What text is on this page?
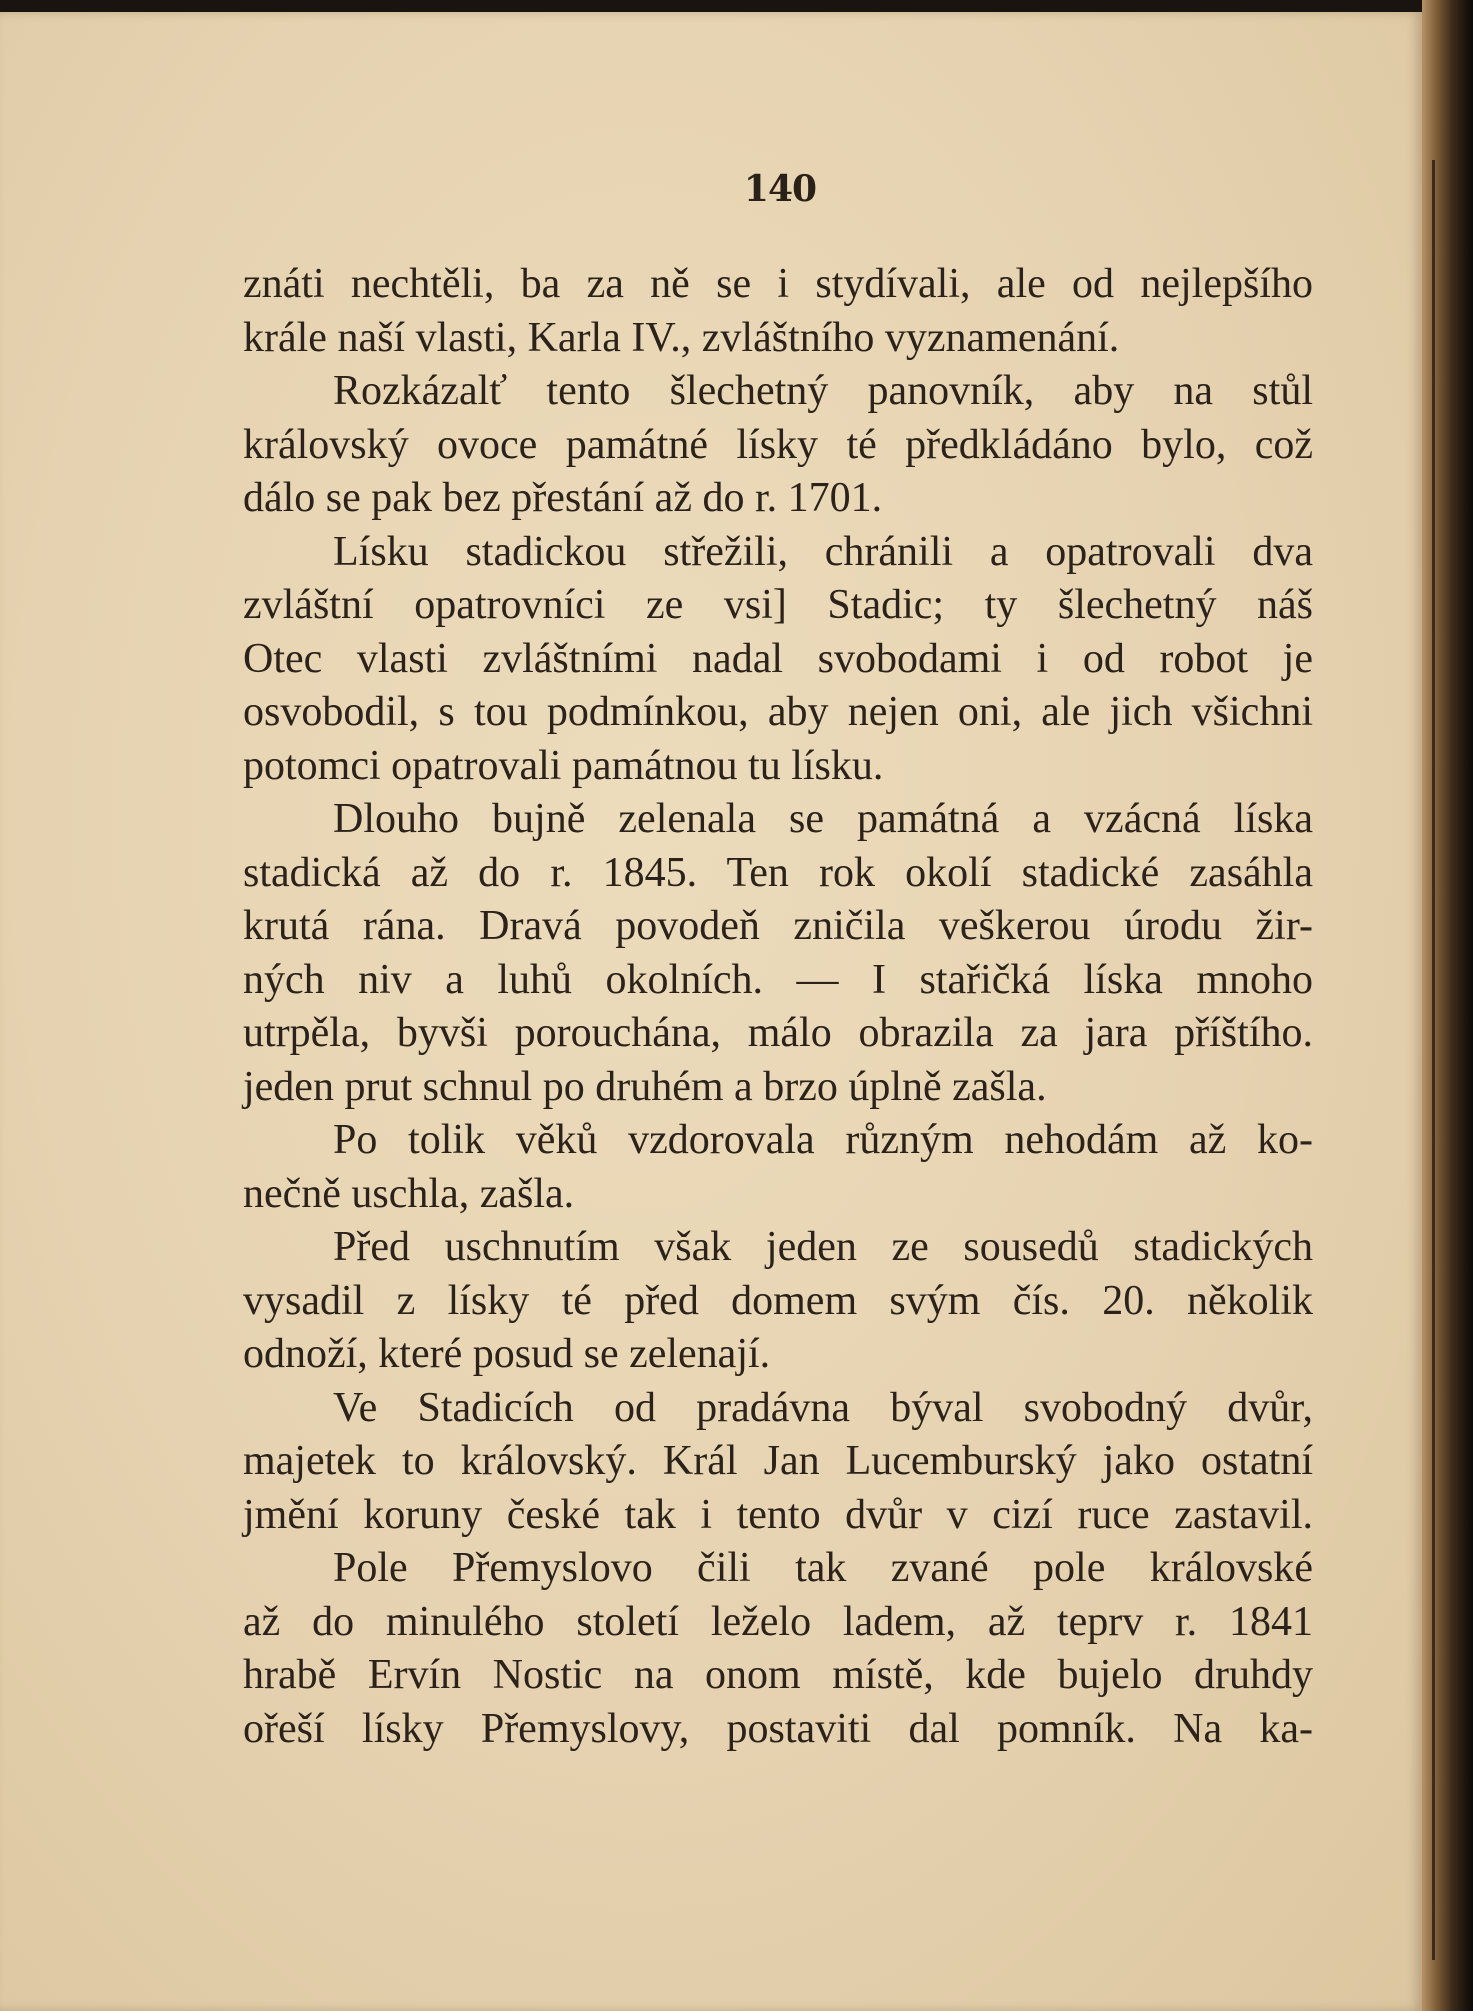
140
znáti nechtěli, ba za ně se i stydívali, ale od nejlepšího
krále naší vlasti, Karla IV., zvláštního vyznamenání.
Rozkázalť tento šlechetný panovník, aby na stůl
královský ovoce památné lísky té předkládáno bylo, což
dálo se pak bez přestání až do r. 1701.
Lísku stadickou střežili, chránili a opatrovali dva
zvláštní opatrovníci ze vsi] Stadic; ty šlechetný náš
Otec vlasti zvláštními nadal svobodami i od robot je
osvobodil, s tou podmínkou, aby nejen oni, ale jich všichni
potomci opatrovali památnou tu lísku.
Dlouho bujně zelenala se památná a vzácná líska
stadická až do r. 1845. Ten rok okolí stadické zasáhla
krutá rána. Dravá povodeň zničila veškerou úrodu žir-
ných niv a luhů okolních. — I stařičká líska mnoho
utrpěla, byvši porouchána, málo obrazila za jara příštího.
jeden prut schnul po druhém a brzo úplně zašla.
Po tolik věků vzdorovala různým nehodám až ko-
nečně uschla, zašla.
Před uschnutím však jeden ze sousedů stadických
vysadil z lísky té před domem svým čís. 20. několik
odnoží, které posud se zelenají.
Ve Stadicích od pradávna býval svobodný dvůr,
majetek to královský. Král Jan Lucemburský jako ostatní
jmění koruny české tak i tento dvůr v cizí ruce zastavil.
Pole Přemyslovo čili tak zvané pole královské
až do minulého století leželo ladem, až teprv r. 1841
hrabě Ervín Nostic na onom místě, kde bujelo druhdy
ořeší lísky Přemyslovy, postaviti dal pomník. Na ka-
